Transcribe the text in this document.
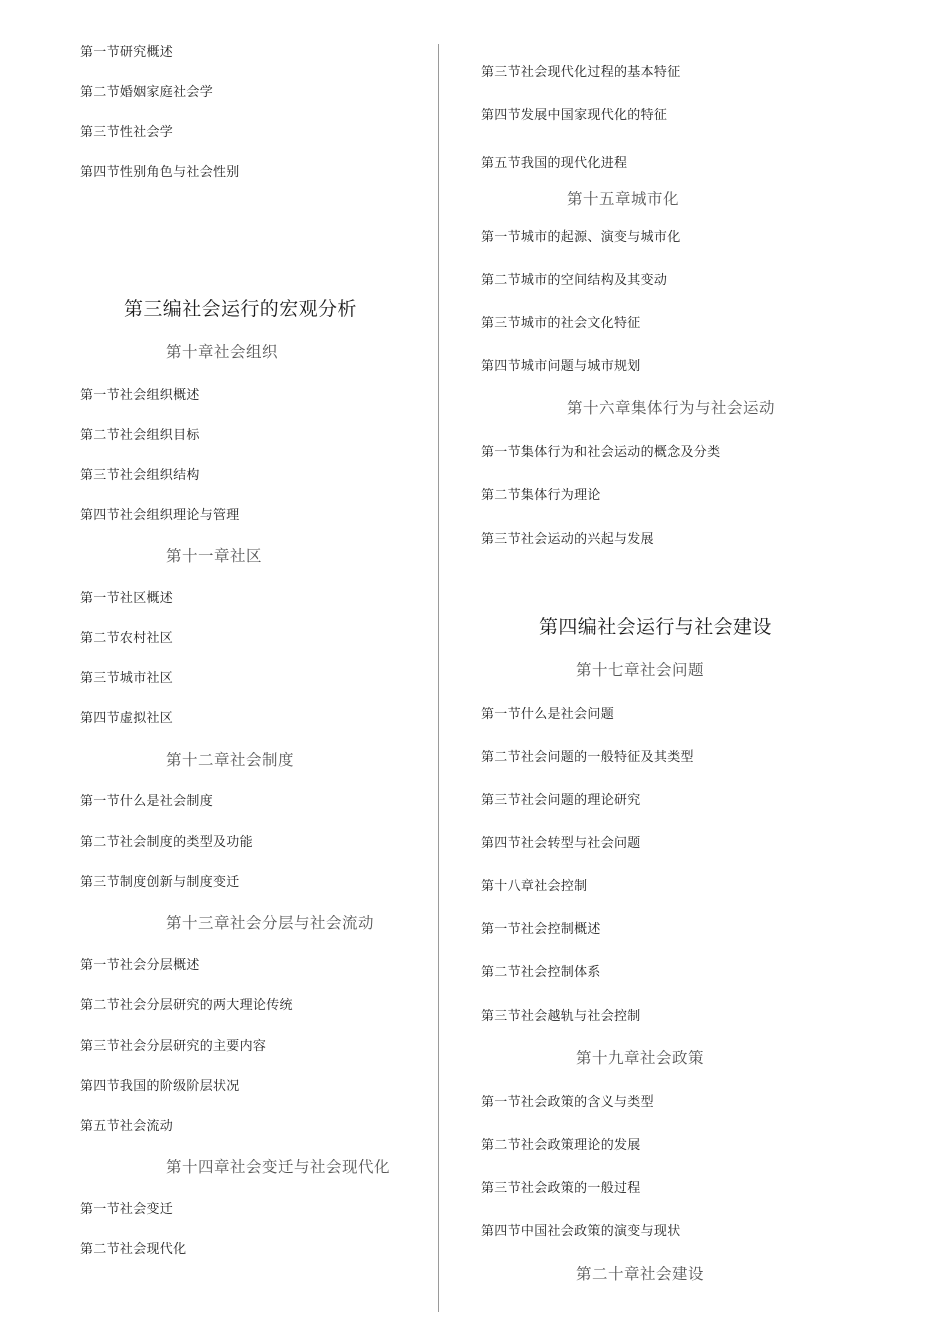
第一节研究概述
第二节婚姻家庭社会学
第三节性社会学
第四节性别角色与社会性别
第三编社会运行的宏观分析
第十章社会组织
第一节社会组织概述
第二节社会组织目标
第三节社会组织结构
第四节社会组织理论与管理
第十一章社区
第一节社区概述
第二节农村社区
第三节城市社区
第四节虚拟社区
第十二章社会制度
第一节什么是社会制度
第二节社会制度的类型及功能
第三节制度创新与制度变迁
第十三章社会分层与社会流动
第一节社会分层概述
第二节社会分层研究的两大理论传统
第三节社会分层研究的主要内容
第四节我国的阶级阶层状况
第五节社会流动
第十四章社会变迁与社会现代化
第一节社会变迁
第二节社会现代化
第三节社会现代化过程的基本特征
第四节发展中国家现代化的特征
第五节我国的现代化进程
第十五章城市化
第一节城市的起源、演变与城市化
第二节城市的空间结构及其变动
第三节城市的社会文化特征
第四节城市问题与城市规划
第十六章集体行为与社会运动
第一节集体行为和社会运动的概念及分类
第二节集体行为理论
第三节社会运动的兴起与发展
第四编社会运行与社会建设
第十七章社会问题
第一节什么是社会问题
第二节社会问题的一般特征及其类型
第三节社会问题的理论研究
第四节社会转型与社会问题
第十八章社会控制
第一节社会控制概述
第二节社会控制体系
第三节社会越轨与社会控制
第十九章社会政策
第一节社会政策的含义与类型
第二节社会政策理论的发展
第三节社会政策的一般过程
第四节中国社会政策的演变与现状
第二十章社会建设
